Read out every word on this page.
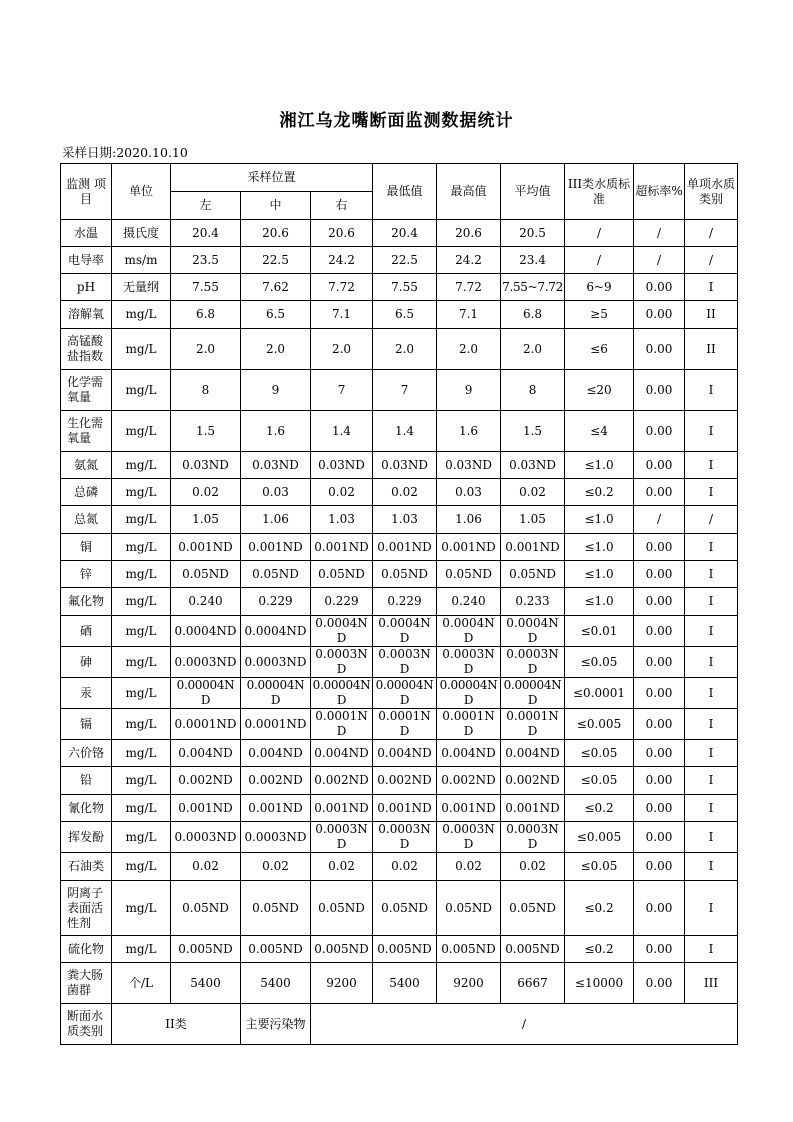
湘江乌龙嘴断面监测数据统计
采样日期:2020.10.10
监测 项目	单位	采样位置			最低值	最高值	平均值	III类水质标准	超标率%	单项水质类别
		左	中	右						
水温	摄氏度	20.4	20.6	20.6	20.4	20.6	20.5	/	/	/
电导率	ms/m	23.5	22.5	24.2	22.5	24.2	23.4	/	/	/
pH	无量纲	7.55	7.62	7.72	7.55	7.72	7.55~7.72	6~9	0.00	I
溶解氧	mg/L	6.8	6.5	7.1	6.5	7.1	6.8	≥5	0.00	II
高锰酸盐指数	mg/L	2.0	2.0	2.0	2.0	2.0	2.0	≤6	0.00	II
化学需氧量	mg/L	8	9	7	7	9	8	≤20	0.00	I
生化需氧量	mg/L	1.5	1.6	1.4	1.4	1.6	1.5	≤4	0.00	I
氨氮	mg/L	0.03ND	0.03ND	0.03ND	0.03ND	0.03ND	0.03ND	≤1.0	0.00	I
总磷	mg/L	0.02	0.03	0.02	0.02	0.03	0.02	≤0.2	0.00	I
总氮	mg/L	1.05	1.06	1.03	1.03	1.06	1.05	≤1.0	/	/
铜	mg/L	0.001ND	0.001ND	0.001ND	0.001ND	0.001ND	0.001ND	≤1.0	0.00	I
锌	mg/L	0.05ND	0.05ND	0.05ND	0.05ND	0.05ND	0.05ND	≤1.0	0.00	I
氟化物	mg/L	0.240	0.229	0.229	0.229	0.240	0.233	≤1.0	0.00	I
硒	mg/L	0.0004ND	0.0004ND	0.0004ND	0.0004ND	0.0004ND	0.0004ND	≤0.01	0.00	I
砷	mg/L	0.0003ND	0.0003ND	0.0003ND	0.0003ND	0.0003ND	0.0003ND	≤0.05	0.00	I
汞	mg/L	0.00004ND	0.00004ND	0.00004ND	0.00004ND	0.00004ND	0.00004ND	≤0.0001	0.00	I
镉	mg/L	0.0001ND	0.0001ND	0.0001ND	0.0001ND	0.0001ND	0.0001ND	≤0.005	0.00	I
六价铬	mg/L	0.004ND	0.004ND	0.004ND	0.004ND	0.004ND	0.004ND	≤0.05	0.00	I
铅	mg/L	0.002ND	0.002ND	0.002ND	0.002ND	0.002ND	0.002ND	≤0.05	0.00	I
氰化物	mg/L	0.001ND	0.001ND	0.001ND	0.001ND	0.001ND	0.001ND	≤0.2	0.00	I
挥发酚	mg/L	0.0003ND	0.0003ND	0.0003ND	0.0003ND	0.0003ND	0.0003ND	≤0.005	0.00	I
石油类	mg/L	0.02	0.02	0.02	0.02	0.02	0.02	≤0.05	0.00	I
阴离子表面活性剂	mg/L	0.05ND	0.05ND	0.05ND	0.05ND	0.05ND	0.05ND	≤0.2	0.00	I
硫化物	mg/L	0.005ND	0.005ND	0.005ND	0.005ND	0.005ND	0.005ND	≤0.2	0.00	I
粪大肠菌群	个/L	5400	5400	9200	5400	9200	6667	≤10000	0.00	III
断面水质类别	II类		主要污染物	/						
